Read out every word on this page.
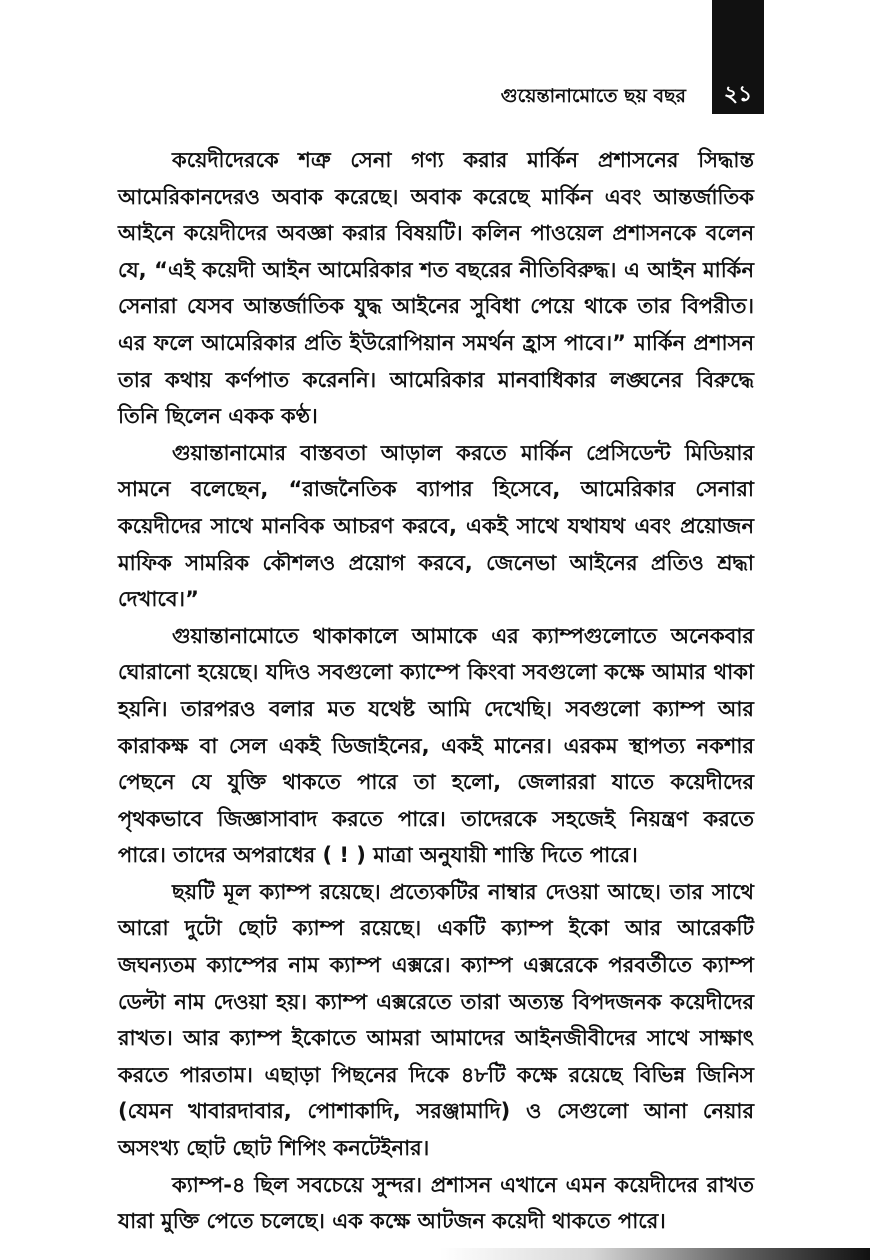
২১
গুয়েন্তানামোতে ছয় বছর

কয়েদীদেরকে শত্রু সেনা গণ্য করার মার্কিন প্রশাসনের সিদ্ধান্ত আমেরিকানদেরও অবাক করেছে। অবাক করেছে মার্কিন এবং আন্তর্জাতিক আইনে কয়েদীদের অবজ্ঞা করার বিষয়টি। কলিন পাওয়েল প্রশাসনকে বলেন যে, “এই কয়েদী আইন আমেরিকার শত বছরের নীতিবিরুদ্ধ। এ আইন মার্কিন সেনারা যেসব আন্তর্জাতিক যুদ্ধ আইনের সুবিধা পেয়ে থাকে তার বিপরীত। এর ফলে আমেরিকার প্রতি ইউরোপিয়ান সমর্থন হ্রাস পাবে।” মার্কিন প্রশাসন তার কথায় কর্ণপাত করেননি। আমেরিকার মানবাধিকার লঙ্ঘনের বিরুদ্ধে তিনি ছিলেন একক কণ্ঠ।

গুয়ান্তানামোর বাস্তবতা আড়াল করতে মার্কিন প্রেসিডেন্ট মিডিয়ার সামনে বলেছেন, “রাজনৈতিক ব্যাপার হিসেবে, আমেরিকার সেনারা কয়েদীদের সাথে মানবিক আচরণ করবে, একই সাথে যথাযথ এবং প্রয়োজন মাফিক সামরিক কৌশলও প্রয়োগ করবে, জেনেভা আইনের প্রতিও শ্রদ্ধা দেখাবে।”

গুয়ান্তানামোতে থাকাকালে আমাকে এর ক্যাম্পগুলোতে অনেকবার ঘোরানো হয়েছে। যদিও সবগুলো ক্যাম্পে কিংবা সবগুলো কক্ষে আমার থাকা হয়নি। তারপরও বলার মত যথেষ্ট আমি দেখেছি। সবগুলো ক্যাম্প আর কারাকক্ষ বা সেল একই ডিজাইনের, একই মানের। এরকম স্থাপত্য নকশার পেছনে যে যুক্তি থাকতে পারে তা হলো, জেলাররা যাতে কয়েদীদের পৃথকভাবে জিজ্ঞাসাবাদ করতে পারে। তাদেরকে সহজেই নিয়ন্ত্রণ করতে পারে। তাদের অপরাধের ( ! ) মাত্রা অনুযায়ী শাস্তি দিতে পারে।

ছয়টি মূল ক্যাম্প রয়েছে। প্রত্যেকটির নাম্বার দেওয়া আছে। তার সাথে আরো দুটো ছোট ক্যাম্প রয়েছে। একটি ক্যাম্প ইকো আর আরেকটি জঘন্যতম ক্যাম্পের নাম ক্যাম্প এক্সরে। ক্যাম্প এক্সরেকে পরবর্তীতে ক্যাম্প ডেল্টা নাম দেওয়া হয়। ক্যাম্প এক্সরেতে তারা অত্যন্ত বিপদজনক কয়েদীদের রাখত। আর ক্যাম্প ইকোতে আমরা আমাদের আইনজীবীদের সাথে সাক্ষাৎ করতে পারতাম। এছাড়া পিছনের দিকে ৪৮টি কক্ষে রয়েছে বিভিন্ন জিনিস (যেমন খাবারদাবার, পোশাকাদি, সরঞ্জামাদি) ও সেগুলো আনা নেয়ার অসংখ্য ছোট ছোট শিপিং কনটেইনার।

ক্যাম্প-৪ ছিল সবচেয়ে সুন্দর। প্রশাসন এখানে এমন কয়েদীদের রাখত যারা মুক্তি পেতে চলেছে। এক কক্ষে আটজন কয়েদী থাকতে পারে।
